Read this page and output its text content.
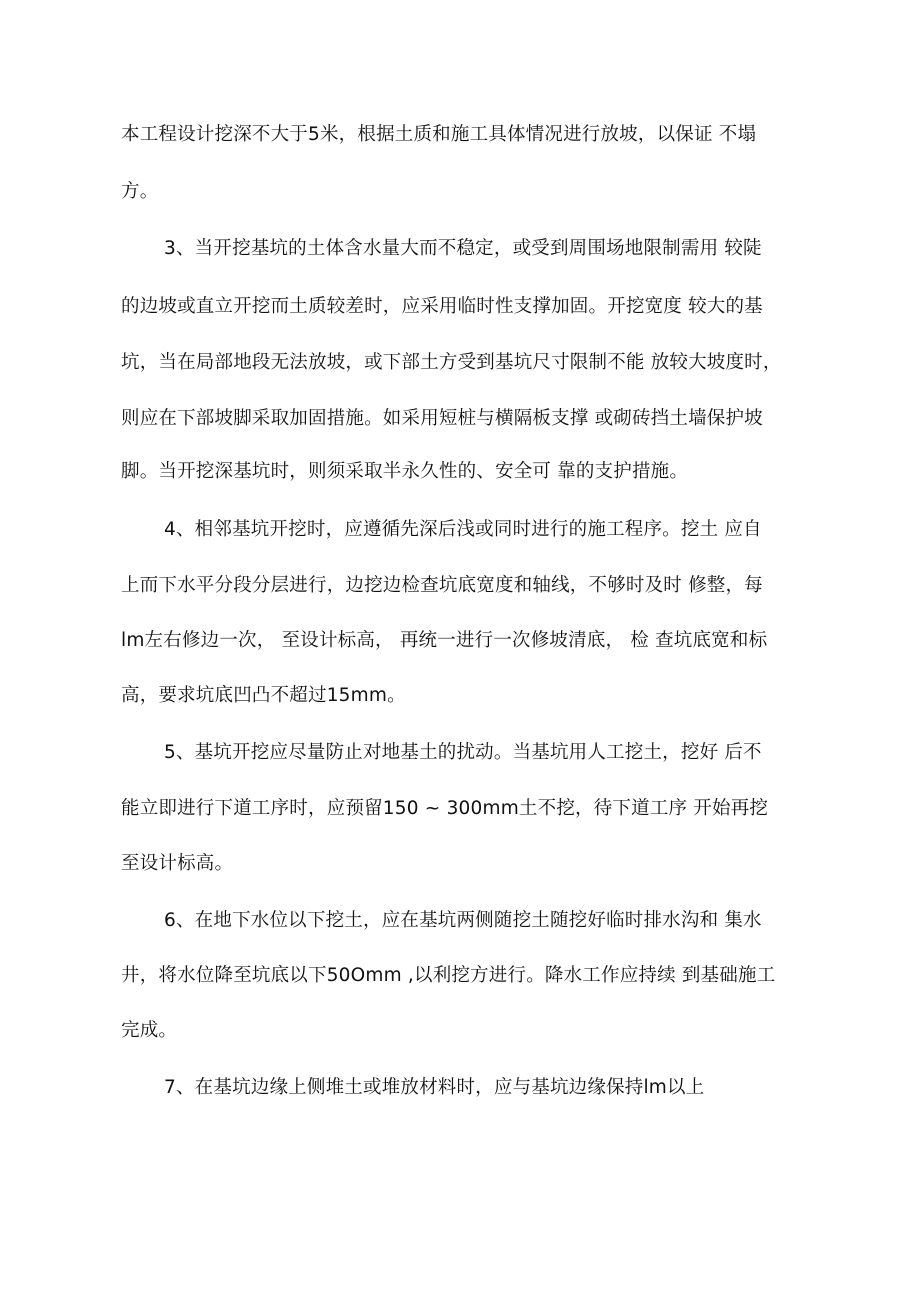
本工程设计挖深不大于5米，根据土质和施工具体情况进行放坡，以保证 不塌
方。
3、当开挖基坑的土体含水量大而不稳定，或受到周围场地限制需用 较陡
的边坡或直立开挖而土质较差时，应采用临时性支撑加固。开挖宽度 较大的基
坑，当在局部地段无法放坡，或下部土方受到基坑尺寸限制不能 放较大坡度时，
则应在下部坡脚采取加固措施。如采用短桩与横隔板支撑 或砌砖挡土墙保护坡
脚。当开挖深基坑时，则须采取半永久性的、安全可 靠的支护措施。
4、相邻基坑开挖时，应遵循先深后浅或同时进行的施工程序。挖土 应自
上而下水平分段分层进行，边挖边检查坑底宽度和轴线，不够时及时 修整，每
lm左右修边一次， 至设计标高， 再统一进行一次修坡清底， 检 查坑底宽和标
高，要求坑底凹凸不超过15mm。
5、基坑开挖应尽量防止对地基土的扰动。当基坑用人工挖土，挖好 后不
能立即进行下道工序时，应预留150 ~ 300mm土不挖，待下道工序 开始再挖
至设计标高。
6、在地下水位以下挖土，应在基坑两侧随挖土随挖好临时排水沟和 集水
井，将水位降至坑底以下50Omm ,以利挖方进行。降水工作应持续 到基础施工
完成。
7、在基坑边缘上侧堆土或堆放材料时，应与基坑边缘保持lm以上
